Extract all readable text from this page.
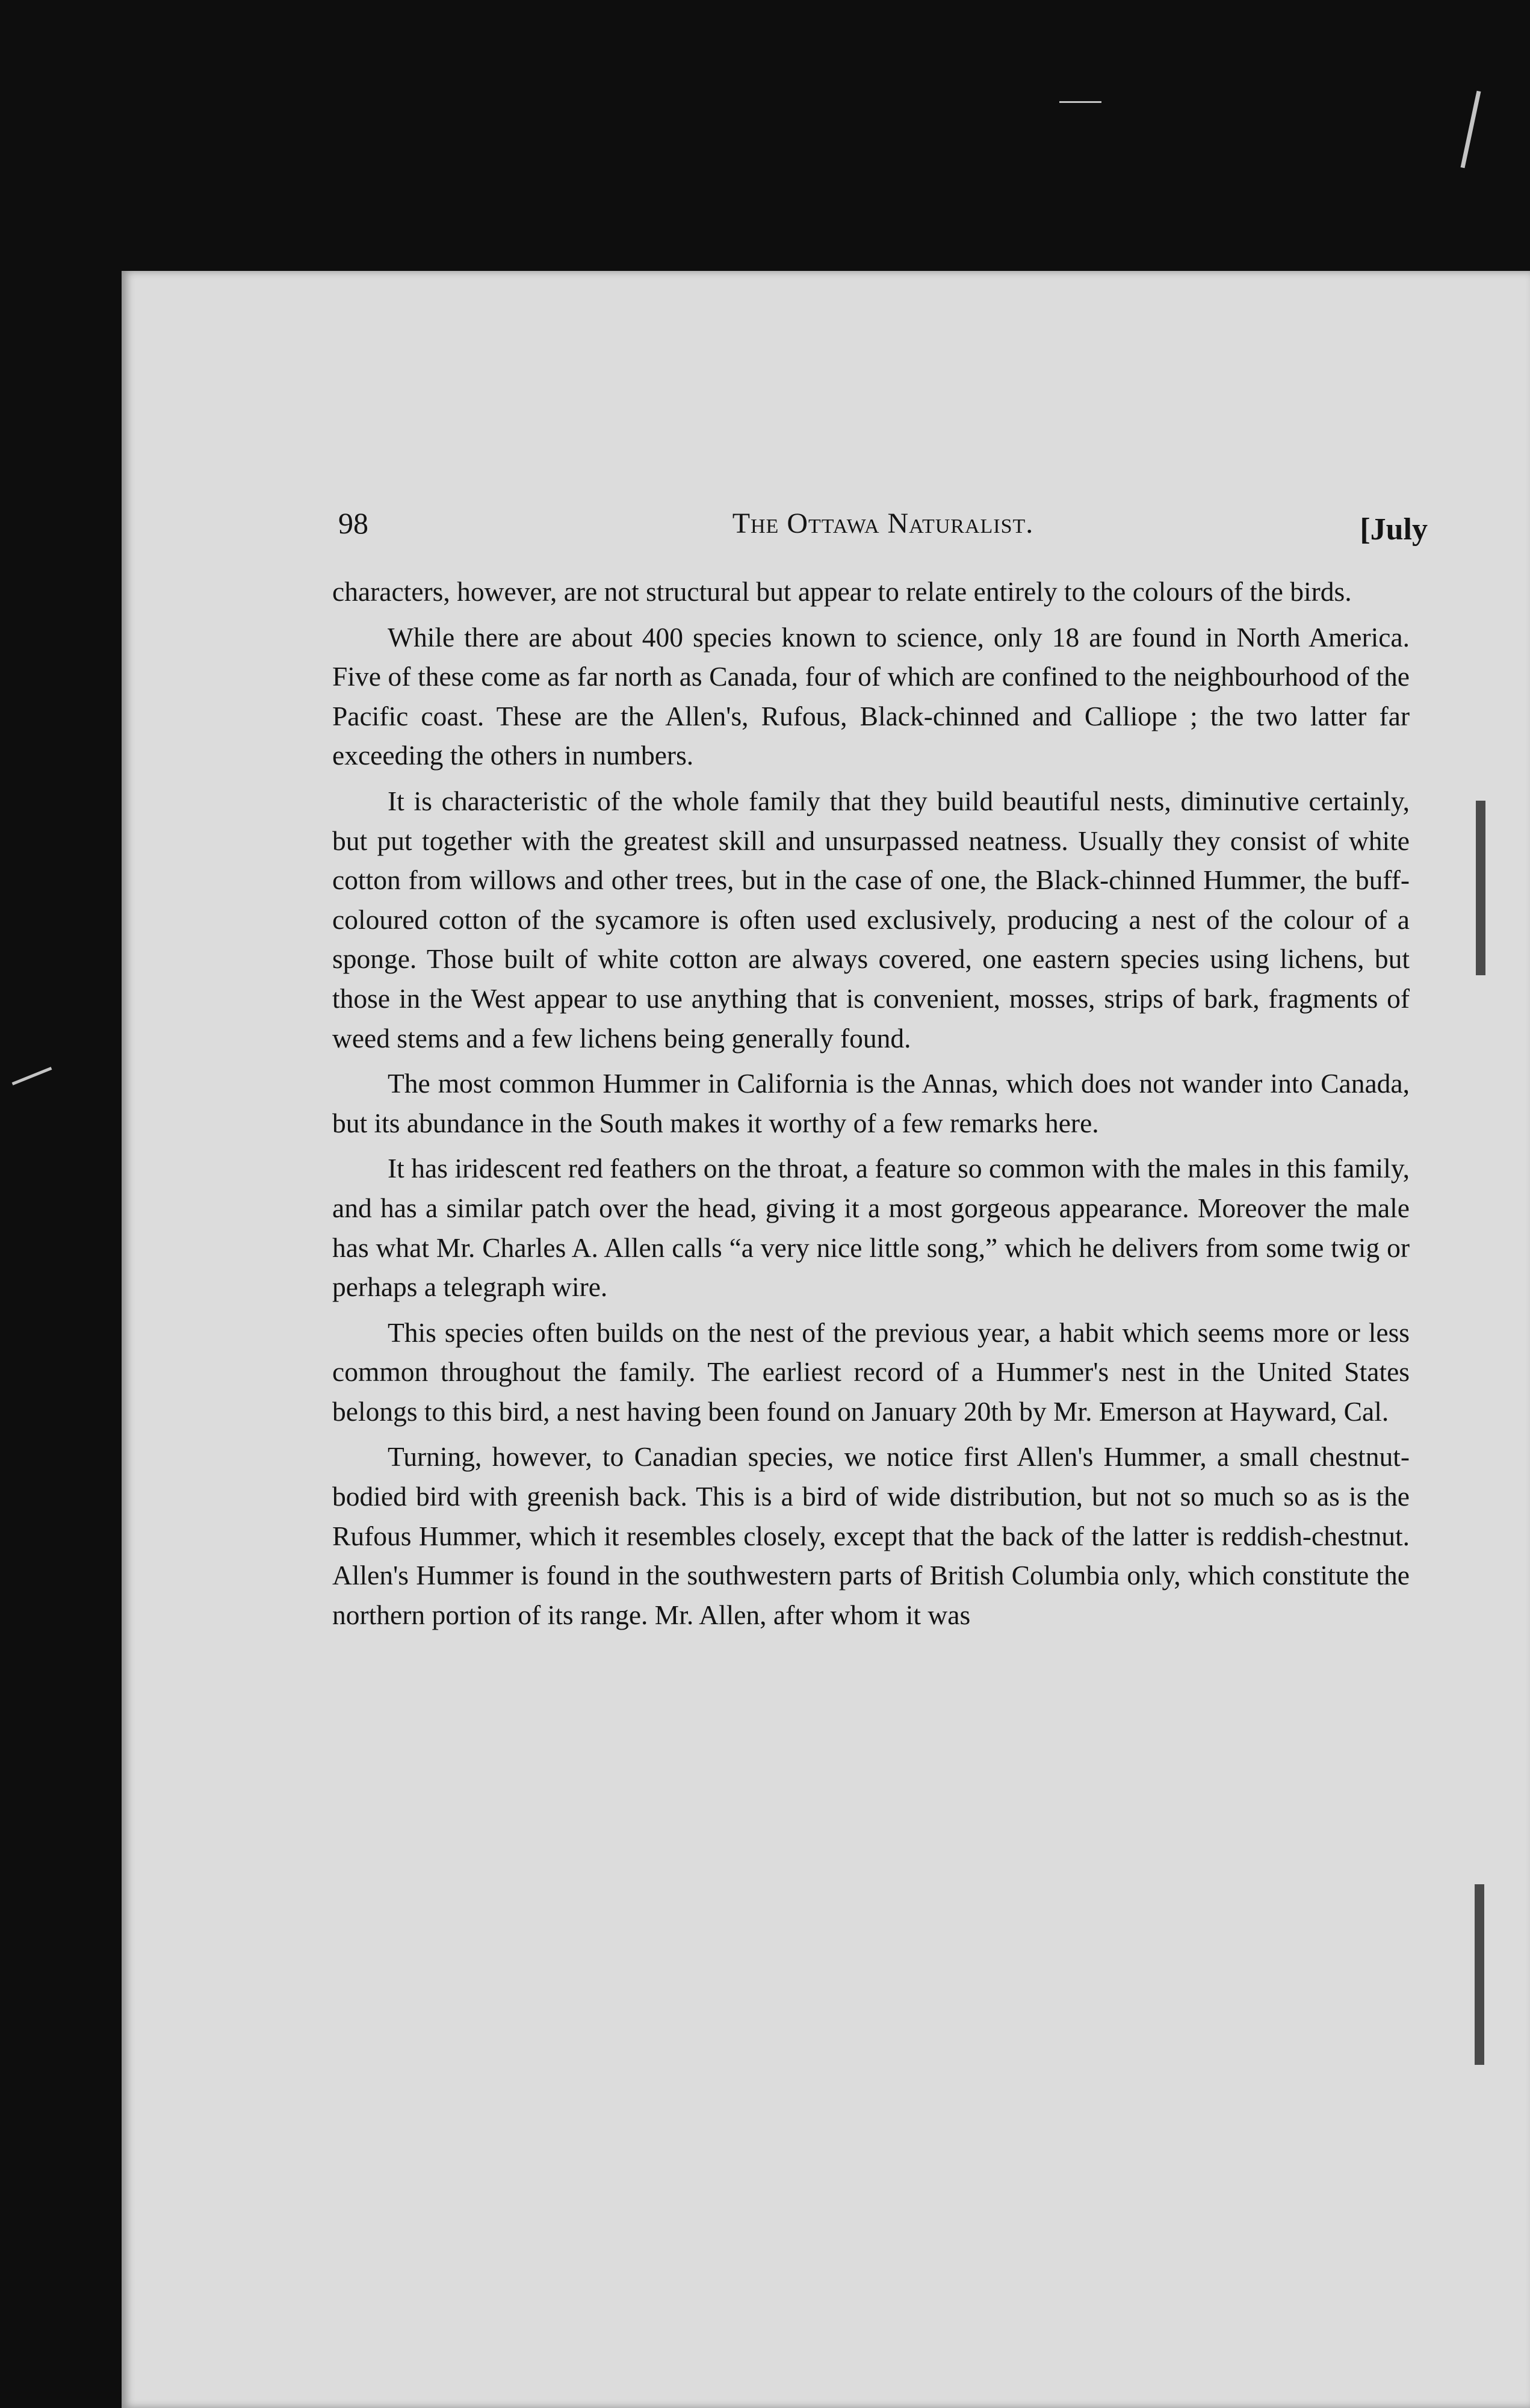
98	The Ottawa Naturalist.	[July

characters, however, are not structural but appear to relate entirely to the colours of the birds.

While there are about 400 species known to science, only 18 are found in North America. Five of these come as far north as Canada, four of which are confined to the neighbourhood of the Pacific coast. These are the Allen's, Rufous, Black-chinned and Calliope ; the two latter far exceeding the others in numbers.

It is characteristic of the whole family that they build beautiful nests, diminutive certainly, but put together with the greatest skill and unsurpassed neatness. Usually they consist of white cotton from willows and other trees, but in the case of one, the Black-chinned Hummer, the buff-coloured cotton of the sycamore is often used exclusively, producing a nest of the colour of a sponge. Those built of white cotton are always covered, one eastern species using lichens, but those in the West appear to use anything that is convenient, mosses, strips of bark, fragments of weed stems and a few lichens being generally found.

The most common Hummer in California is the Annas, which does not wander into Canada, but its abundance in the South makes it worthy of a few remarks here.

It has iridescent red feathers on the throat, a feature so common with the males in this family, and has a similar patch over the head, giving it a most gorgeous appearance. Moreover the male has what Mr. Charles A. Allen calls “a very nice little song,” which he delivers from some twig or perhaps a telegraph wire.

This species often builds on the nest of the previous year, a habit which seems more or less common throughout the family. The earliest record of a Hummer's nest in the United States belongs to this bird, a nest having been found on January 20th by Mr. Emerson at Hayward, Cal.

Turning, however, to Canadian species, we notice first Allen's Hummer, a small chestnut-bodied bird with greenish back. This is a bird of wide distribution, but not so much so as is the Rufous Hummer, which it resembles closely, except that the back of the latter is reddish-chestnut. Allen's Hummer is found in the southwestern parts of British Columbia only, which constitute the northern portion of its range. Mr. Allen, after whom it was
